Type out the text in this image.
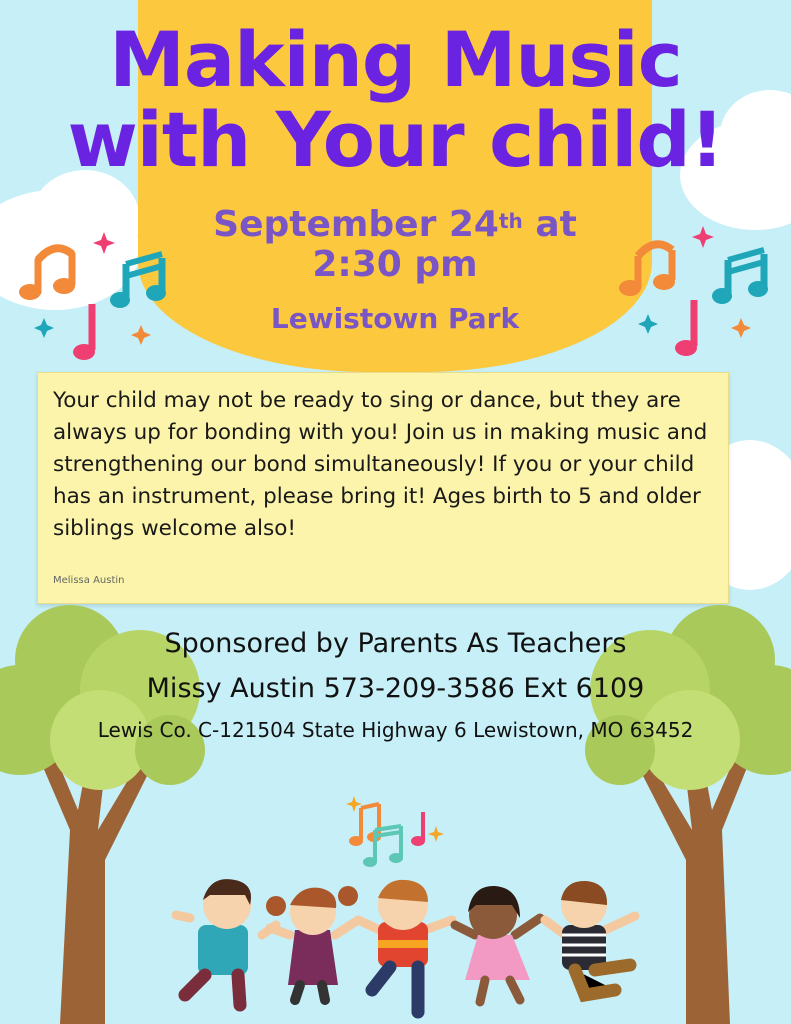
Making Music
with Your child!
September 24th at
2:30 pm
Lewistown Park
Your child may not be ready to sing or dance, but they are always up for bonding with you! Join us in making music and strengthening our bond simultaneously! If you or your child has an instrument, please bring it! Ages birth to 5 and older siblings welcome also!
Melissa Austin
Sponsored by Parents As Teachers
Missy Austin 573-209-3586 Ext 6109
Lewis Co. C-121504 State Highway 6 Lewistown, MO 63452
